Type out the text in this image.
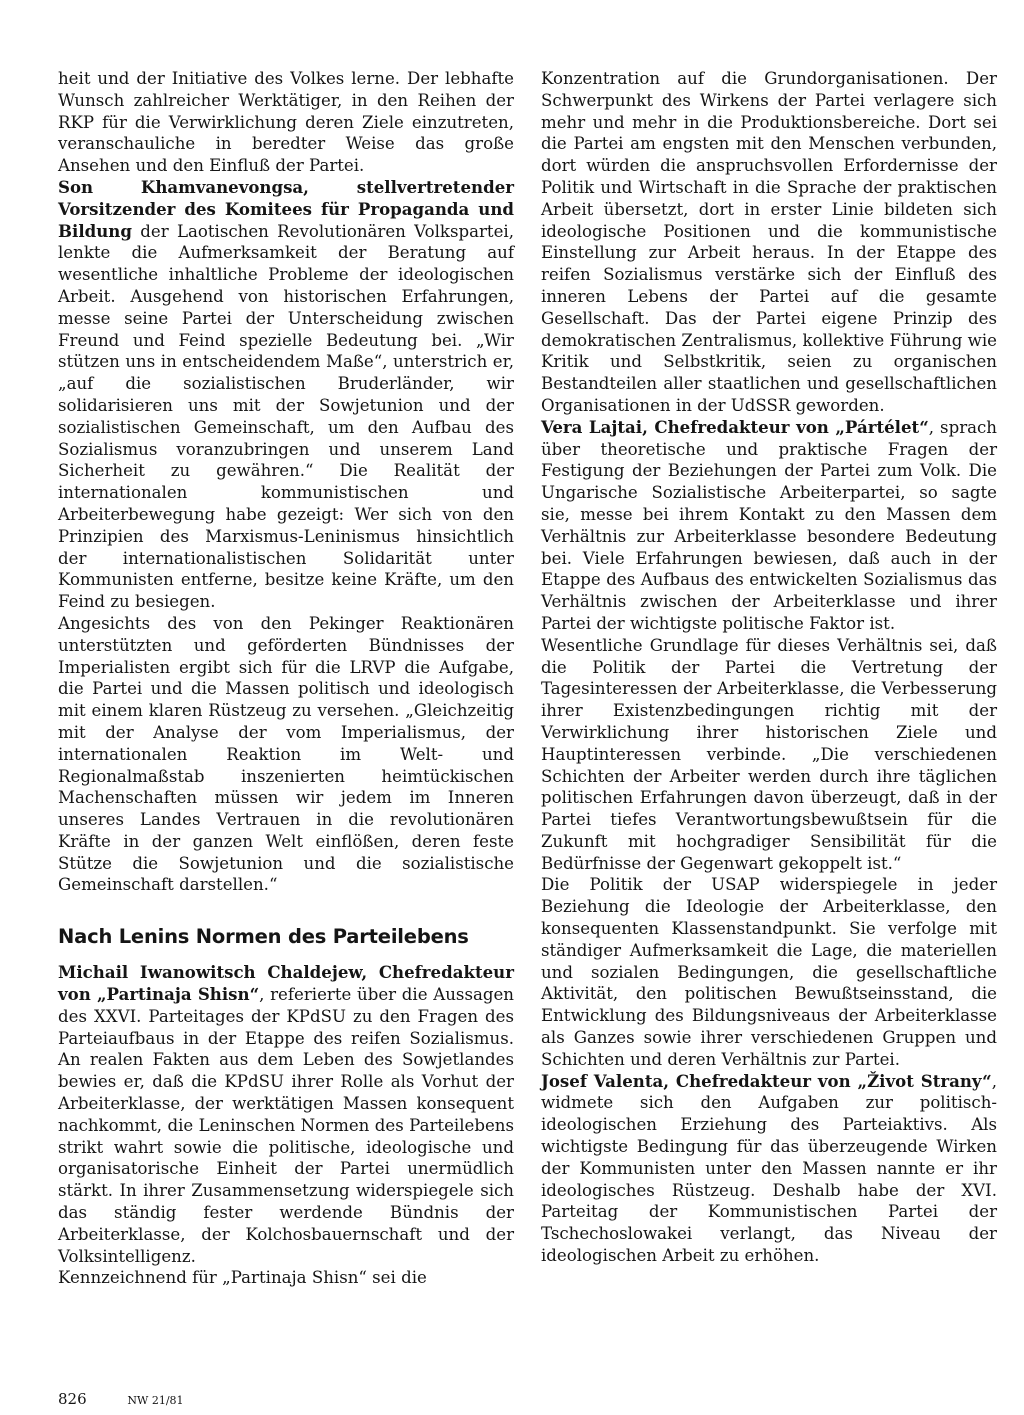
heit und der Initiative des Volkes lerne. Der lebhafte Wunsch zahlreicher Werktätiger, in den Reihen der RKP für die Verwirklichung deren Ziele einzutreten, veranschauliche in beredter Weise das große Ansehen und den Einfluß der Partei.

Son Khamvanevongsa, stellvertretender Vorsitzender des Komitees für Propaganda und Bildung der Laotischen Revolutionären Volkspartei, lenkte die Aufmerksamkeit der Beratung auf wesentliche inhaltliche Probleme der ideologischen Arbeit. Ausgehend von historischen Erfahrungen, messe seine Partei der Unterscheidung zwischen Freund und Feind spezielle Bedeutung bei. „Wir stützen uns in entscheidendem Maße“, unterstrich er, „auf die sozialistischen Bruderländer, wir solidarisieren uns mit der Sowjetunion und der sozialistischen Gemeinschaft, um den Aufbau des Sozialismus voranzubringen und unserem Land Sicherheit zu gewähren.“ Die Realität der internationalen kommunistischen und Arbeiterbewegung habe gezeigt: Wer sich von den Prinzipien des Marxismus-Leninismus hinsichtlich der internationalistischen Solidarität unter Kommunisten entferne, besitze keine Kräfte, um den Feind zu besiegen.

Angesichts des von den Pekinger Reaktionären unterstützten und geförderten Bündnisses der Imperialisten ergibt sich für die LRVP die Aufgabe, die Partei und die Massen politisch und ideologisch mit einem klaren Rüstzeug zu versehen. „Gleichzeitig mit der Analyse der vom Imperialismus, der internationalen Reaktion im Welt- und Regionalmaßstab inszenierten heimtückischen Machenschaften müssen wir jedem im Inneren unseres Landes Vertrauen in die revolutionären Kräfte in der ganzen Welt einflößen, deren feste Stütze die Sowjetunion und die sozialistische Gemeinschaft darstellen.“

Nach Lenins Normen des Parteilebens

Michail Iwanowitsch Chaldejew, Chefredakteur von „Partinaja Shisn“, referierte über die Aussagen des XXVI. Parteitages der KPdSU zu den Fragen des Parteiaufbaus in der Etappe des reifen Sozialismus. An realen Fakten aus dem Leben des Sowjetlandes bewies er, daß die KPdSU ihrer Rolle als Vorhut der Arbeiterklasse, der werktätigen Massen konsequent nachkommt, die Leninschen Normen des Parteilebens strikt wahrt sowie die politische, ideologische und organisatorische Einheit der Partei unermüdlich stärkt. In ihrer Zusammensetzung widerspiegele sich das ständig fester werdende Bündnis der Arbeiterklasse, der Kolchosbauernschaft und der Volksintelligenz.

Kennzeichnend für „Partinaja Shisn“ sei die

Konzentration auf die Grundorganisationen. Der Schwerpunkt des Wirkens der Partei verlagere sich mehr und mehr in die Produktionsbereiche. Dort sei die Partei am engsten mit den Menschen verbunden, dort würden die anspruchsvollen Erfordernisse der Politik und Wirtschaft in die Sprache der praktischen Arbeit übersetzt, dort in erster Linie bildeten sich ideologische Positionen und die kommunistische Einstellung zur Arbeit heraus. In der Etappe des reifen Sozialismus verstärke sich der Einfluß des inneren Lebens der Partei auf die gesamte Gesellschaft. Das der Partei eigene Prinzip des demokratischen Zentralismus, kollektive Führung wie Kritik und Selbstkritik, seien zu organischen Bestandteilen aller staatlichen und gesellschaftlichen Organisationen in der UdSSR geworden.

Vera Lajtai, Chefredakteur von „Pártélet“, sprach über theoretische und praktische Fragen der Festigung der Beziehungen der Partei zum Volk. Die Ungarische Sozialistische Arbeiterpartei, so sagte sie, messe bei ihrem Kontakt zu den Massen dem Verhältnis zur Arbeiterklasse besondere Bedeutung bei. Viele Erfahrungen bewiesen, daß auch in der Etappe des Aufbaus des entwickelten Sozialismus das Verhältnis zwischen der Arbeiterklasse und ihrer Partei der wichtigste politische Faktor ist.

Wesentliche Grundlage für dieses Verhältnis sei, daß die Politik der Partei die Vertretung der Tagesinteressen der Arbeiterklasse, die Verbesserung ihrer Existenzbedingungen richtig mit der Verwirklichung ihrer historischen Ziele und Hauptinteressen verbinde. „Die verschiedenen Schichten der Arbeiter werden durch ihre täglichen politischen Erfahrungen davon überzeugt, daß in der Partei tiefes Verantwortungsbewußtsein für die Zukunft mit hochgradiger Sensibilität für die Bedürfnisse der Gegenwart gekoppelt ist.“

Die Politik der USAP widerspiegele in jeder Beziehung die Ideologie der Arbeiterklasse, den konsequenten Klassenstandpunkt. Sie verfolge mit ständiger Aufmerksamkeit die Lage, die materiellen und sozialen Bedingungen, die gesellschaftliche Aktivität, den politischen Bewußtseinsstand, die Entwicklung des Bildungsniveaus der Arbeiterklasse als Ganzes sowie ihrer verschiedenen Gruppen und Schichten und deren Verhältnis zur Partei.

Josef Valenta, Chefredakteur von „Život Strany“, widmete sich den Aufgaben zur politisch-ideologischen Erziehung des Parteiaktivs. Als wichtigste Bedingung für das überzeugende Wirken der Kommunisten unter den Massen nannte er ihr ideologisches Rüstzeug. Deshalb habe der XVI. Parteitag der Kommunistischen Partei der Tschechoslowakei verlangt, das Niveau der ideologischen Arbeit zu erhöhen.

826	NW 21/81
